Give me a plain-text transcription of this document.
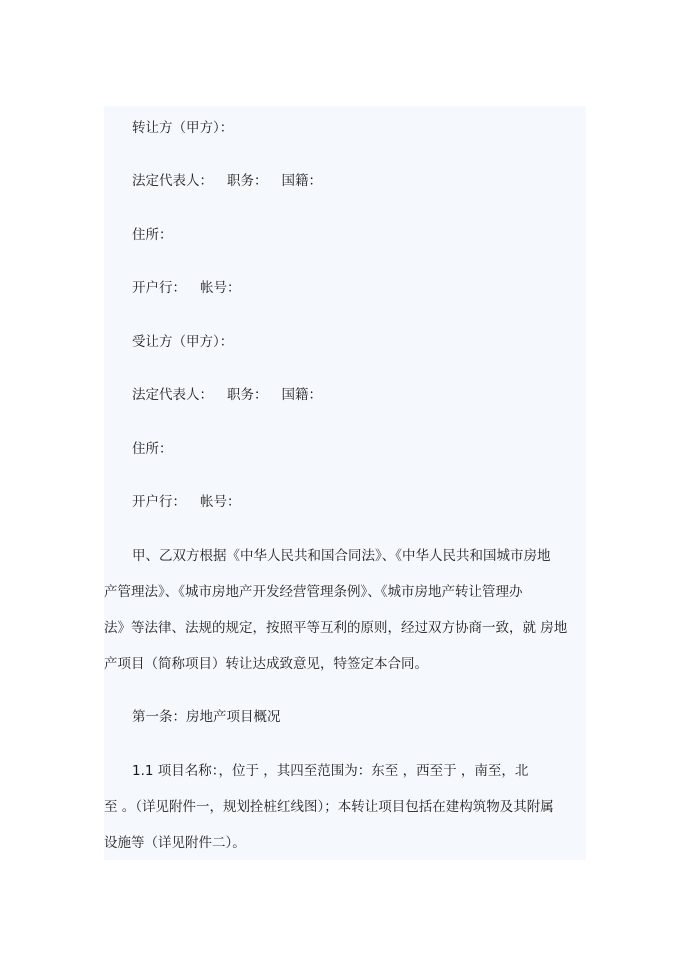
转让方（甲方）：
法定代表人： 职务： 国籍：
住所：
开户行： 帐号：
受让方（甲方）：
法定代表人： 职务： 国籍：
住所：
开户行： 帐号：
甲、乙双方根据《中华人民共和国合同法》、《中华人民共和国城市房地
产管理法》、《城市房地产开发经营管理条例》、《城市房地产转让管理办
法》等法律、法规的规定，按照平等互利的原则，经过双方协商一致，就 房地
产项目（简称项目）转让达成致意见，特签定本合同。
第一条：房地产项目概况
1.1 项目名称：，位于 ，其四至范围为：东至 ，西至于 ，南至，北
至 。（详见附件一，规划拴桩红线图）；本转让项目包括在建构筑物及其附属
设施等（详见附件二）。
